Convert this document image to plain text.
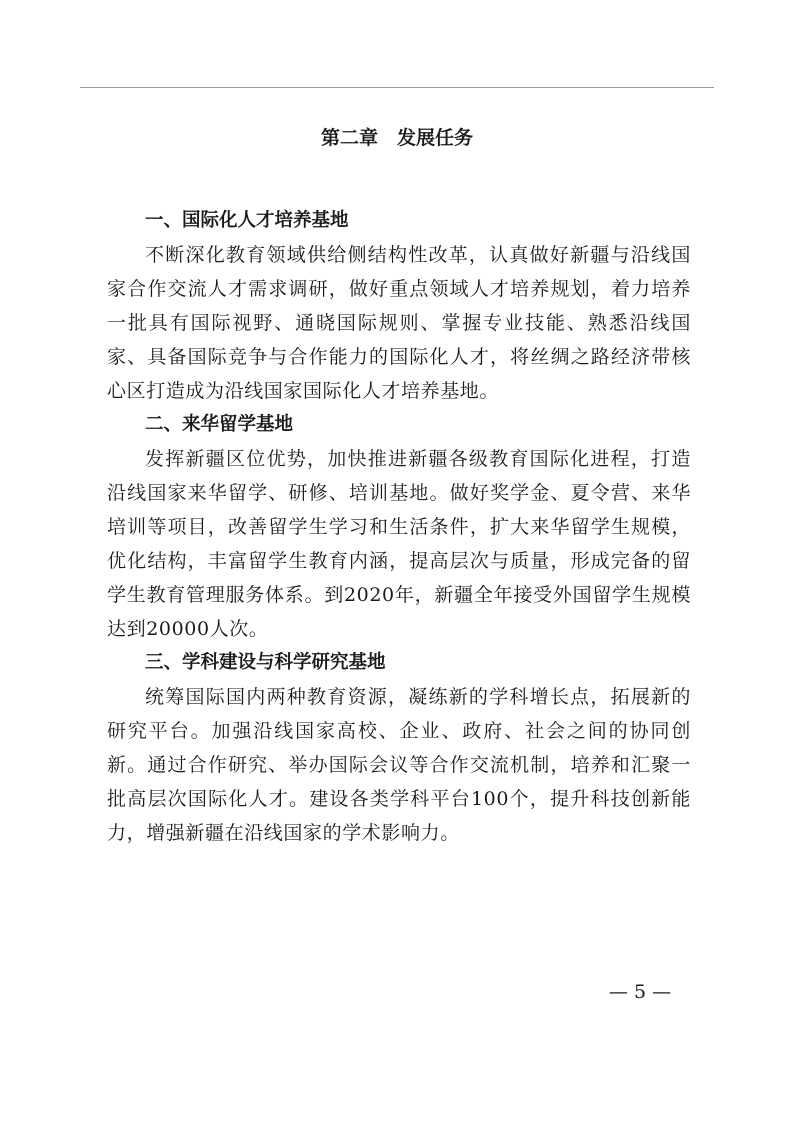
第二章　发展任务
一、国际化人才培养基地

不断深化教育领域供给侧结构性改革，认真做好新疆与沿线国家合作交流人才需求调研，做好重点领域人才培养规划，着力培养一批具有国际视野、通晓国际规则、掌握专业技能、熟悉沿线国家、具备国际竞争与合作能力的国际化人才，将丝绸之路经济带核心区打造成为沿线国家国际化人才培养基地。

二、来华留学基地

发挥新疆区位优势，加快推进新疆各级教育国际化进程，打造沿线国家来华留学、研修、培训基地。做好奖学金、夏令营、来华培训等项目，改善留学生学习和生活条件，扩大来华留学生规模，优化结构，丰富留学生教育内涵，提高层次与质量，形成完备的留学生教育管理服务体系。到2020年，新疆全年接受外国留学生规模达到20000人次。

三、学科建设与科学研究基地

统筹国际国内两种教育资源，凝练新的学科增长点，拓展新的研究平台。加强沿线国家高校、企业、政府、社会之间的协同创新。通过合作研究、举办国际会议等合作交流机制，培养和汇聚一批高层次国际化人才。建设各类学科平台100个，提升科技创新能力，增强新疆在沿线国家的学术影响力。

— 5 —
